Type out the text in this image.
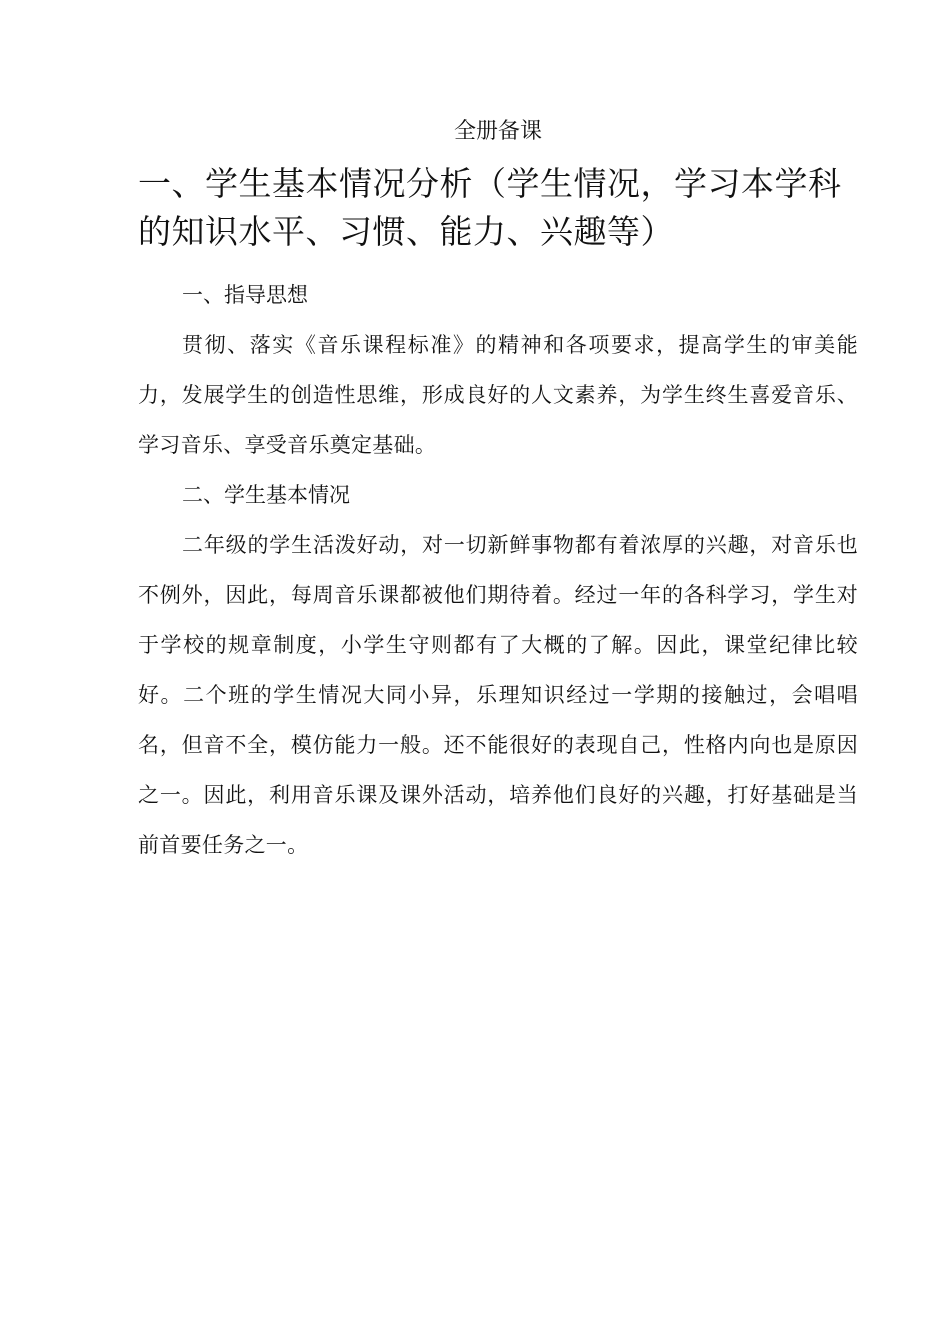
全册备课
一、学生基本情况分析（学生情况，学习本学科的知识水平、习惯、能力、兴趣等）

一、指导思想

贯彻、落实《音乐课程标准》的精神和各项要求，提高学生的审美能力，发展学生的创造性思维，形成良好的人文素养，为学生终生喜爱音乐、学习音乐、享受音乐奠定基础。

二、学生基本情况

二年级的学生活泼好动，对一切新鲜事物都有着浓厚的兴趣，对音乐也不例外，因此，每周音乐课都被他们期待着。经过一年的各科学习，学生对于学校的规章制度，小学生守则都有了大概的了解。因此，课堂纪律比较好。二个班的学生情况大同小异，乐理知识经过一学期的接触过，会唱唱名，但音不全，模仿能力一般。还不能很好的表现自己，性格内向也是原因之一。因此，利用音乐课及课外活动，培养他们良好的兴趣，打好基础是当前首要任务之一。
